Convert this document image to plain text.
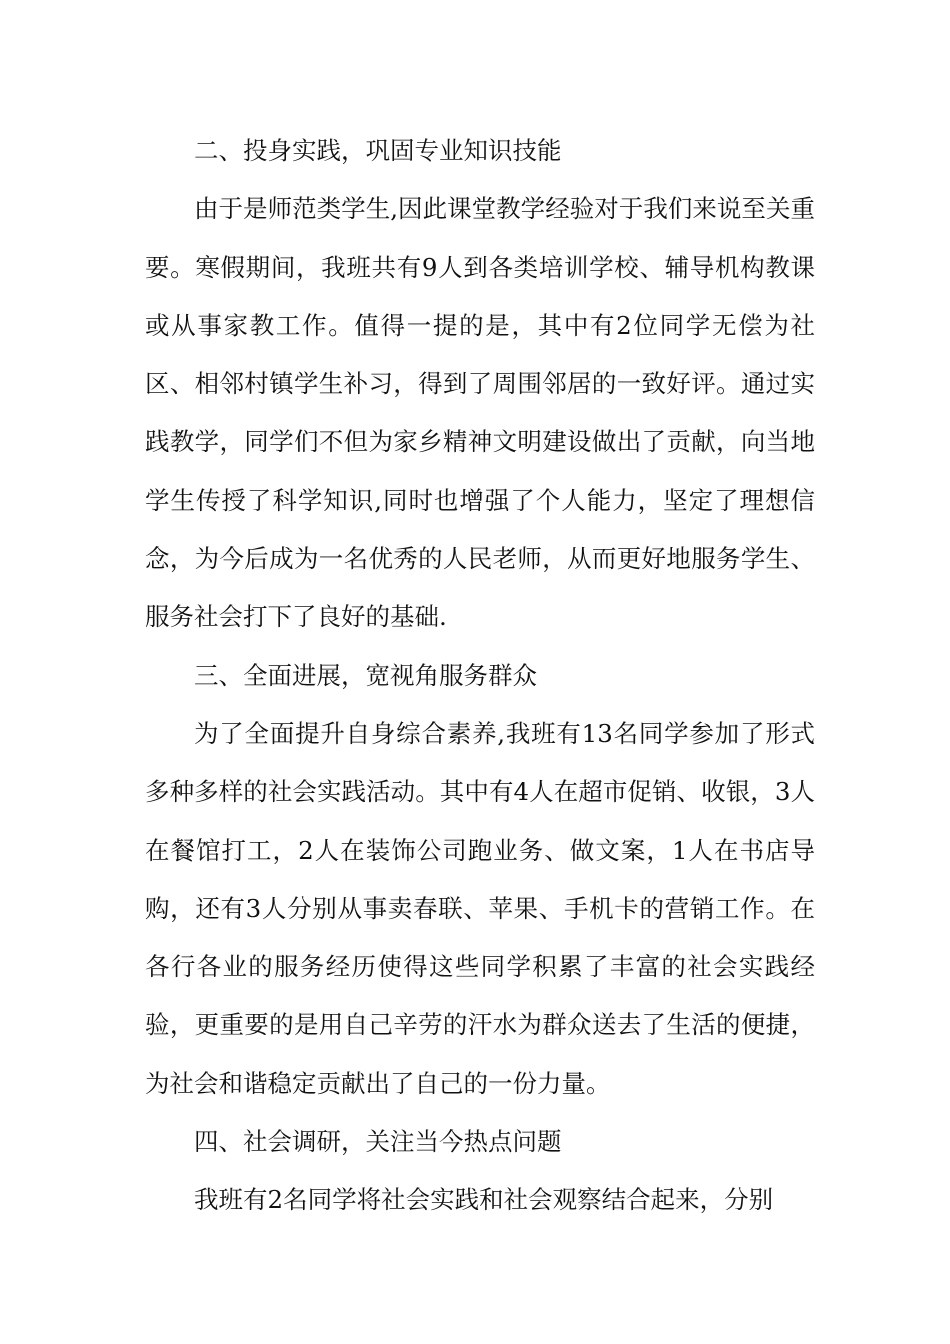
二、投身实践，巩固专业知识技能

由于是师范类学生,因此课堂教学经验对于我们来说至关重要。寒假期间，我班共有9人到各类培训学校、辅导机构教课或从事家教工作。值得一提的是，其中有2位同学无偿为社区、相邻村镇学生补习，得到了周围邻居的一致好评。通过实践教学，同学们不但为家乡精神文明建设做出了贡献，向当地学生传授了科学知识,同时也增强了个人能力，坚定了理想信念，为今后成为一名优秀的人民老师，从而更好地服务学生、服务社会打下了良好的基础.

三、全面进展，宽视角服务群众

为了全面提升自身综合素养,我班有13名同学参加了形式多种多样的社会实践活动。其中有4人在超市促销、收银，3人在餐馆打工，2人在装饰公司跑业务、做文案，1人在书店导购，还有3人分别从事卖春联、苹果、手机卡的营销工作。在各行各业的服务经历使得这些同学积累了丰富的社会实践经验，更重要的是用自己辛劳的汗水为群众送去了生活的便捷，为社会和谐稳定贡献出了自己的一份力量。

四、社会调研，关注当今热点问题

我班有2名同学将社会实践和社会观察结合起来，分别
